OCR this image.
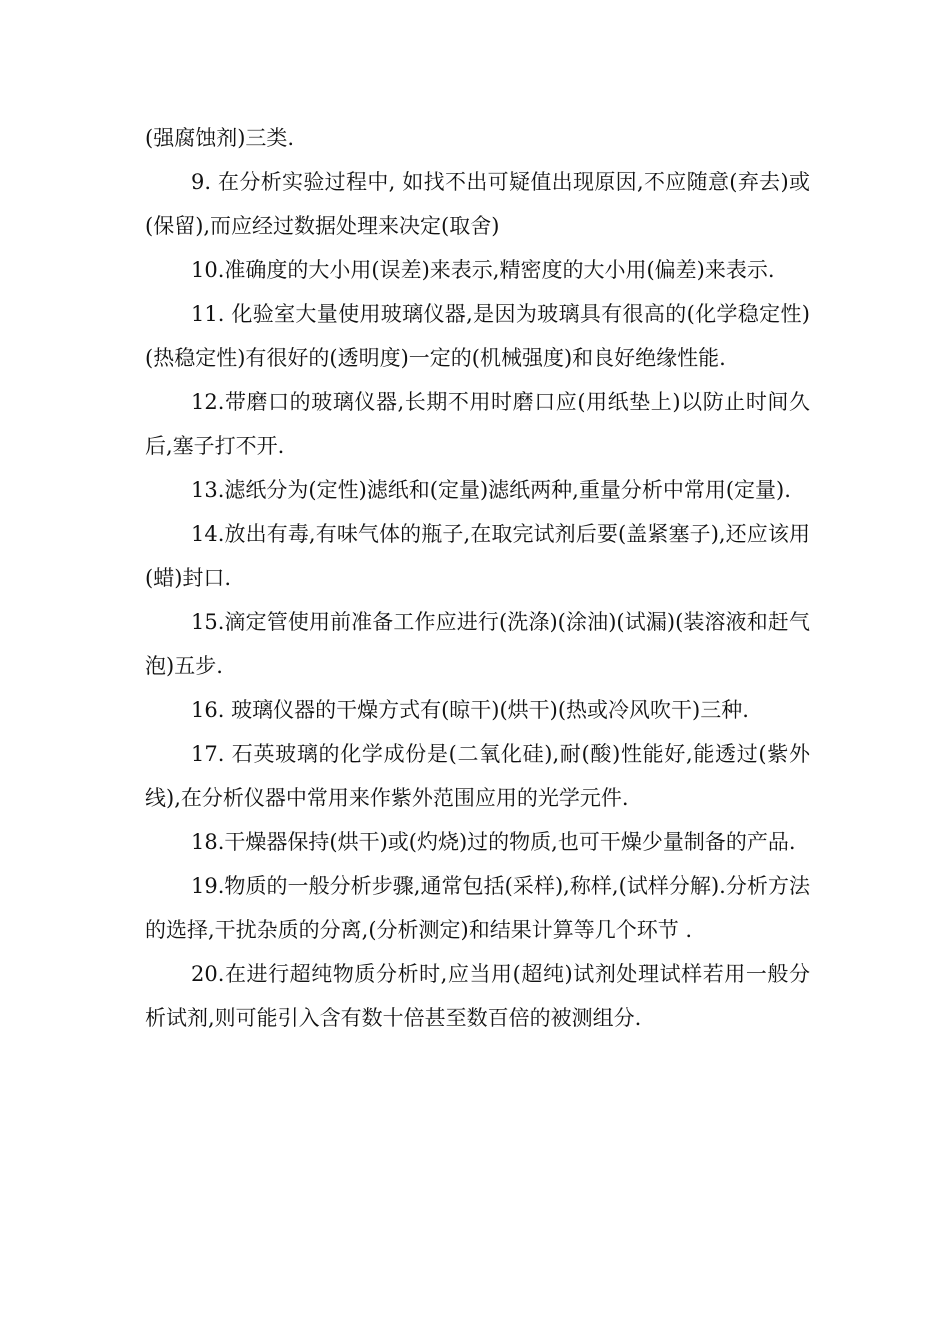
(强腐蚀剂)三类.

9. 在分析实验过程中, 如找不出可疑值出现原因,不应随意(弃去)或(保留),而应经过数据处理来决定(取舍)

10.准确度的大小用(误差)来表示,精密度的大小用(偏差)来表示.

11. 化验室大量使用玻璃仪器,是因为玻璃具有很高的(化学稳定性)(热稳定性)有很好的(透明度)一定的(机械强度)和良好绝缘性能.

12.带磨口的玻璃仪器,长期不用时磨口应(用纸垫上)以防止时间久后,塞子打不开.

13.滤纸分为(定性)滤纸和(定量)滤纸两种,重量分析中常用(定量).

14.放出有毒,有味气体的瓶子,在取完试剂后要(盖紧塞子),还应该用(蜡)封口.

15.滴定管使用前准备工作应进行(洗涤)(涂油)(试漏)(装溶液和赶气泡)五步.

16. 玻璃仪器的干燥方式有(晾干)(烘干)(热或冷风吹干)三种.

17. 石英玻璃的化学成份是(二氧化硅),耐(酸)性能好,能透过(紫外线),在分析仪器中常用来作紫外范围应用的光学元件.

18.干燥器保持(烘干)或(灼烧)过的物质,也可干燥少量制备的产品.

19.物质的一般分析步骤,通常包括(采样),称样,(试样分解).分析方法的选择,干扰杂质的分离,(分析测定)和结果计算等几个环节 .

20.在进行超纯物质分析时,应当用(超纯)试剂处理试样若用一般分析试剂,则可能引入含有数十倍甚至数百倍的被测组分.
